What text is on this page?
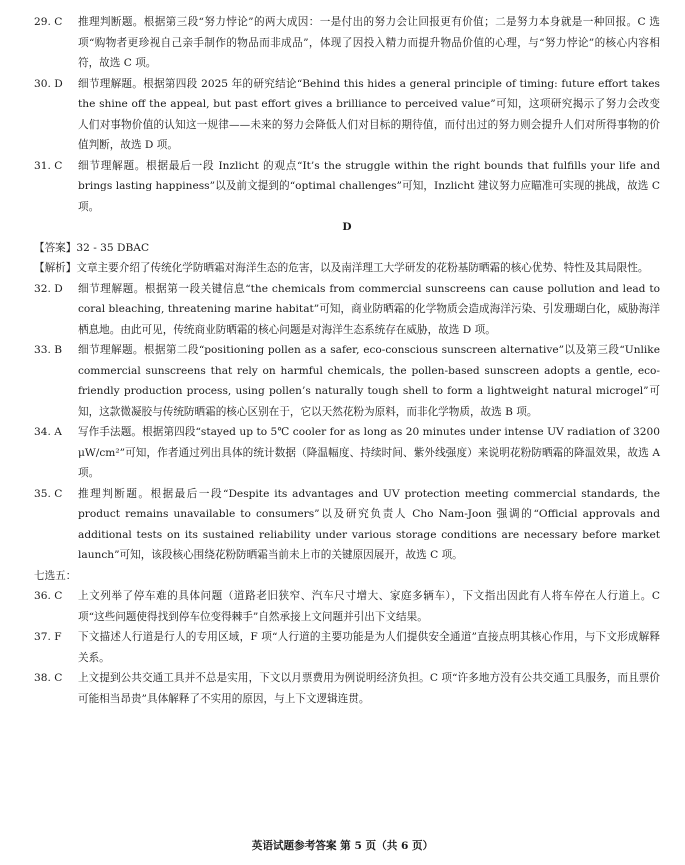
29. C	推理判断题。根据第三段“努力悖论”的两大成因：一是付出的努力会让回报更有价值；二是努力本身就是一种回报。C 选项“购物者更珍视自己亲手制作的物品而非成品”，体现了因投入精力而提升物品价值的心理，与“努力悖论”的核心内容相符，故选 C 项。
30. D	细节理解题。根据第四段 2025 年的研究结论“Behind this hides a general principle of timing: future effort takes the shine off the appeal, but past effort gives a brilliance to perceived value”可知，这项研究揭示了努力会改变人们对事物价值的认知这一规律——未来的努力会降低人们对目标的期待值，而付出过的努力则会提升人们对所得事物的价值判断，故选 D 项。
31. C	细节理解题。根据最后一段 Inzlicht 的观点“It’s the struggle within the right bounds that fulfills your life and brings lasting happiness”以及前文提到的“optimal challenges”可知，Inzlicht 建议努力应瞄准可实现的挑战，故选 C 项。

D

【答案】32 - 35 DBAC

【解析】文章主要介绍了传统化学防晒霜对海洋生态的危害，以及南洋理工大学研发的花粉基防晒霜的核心优势、特性及其局限性。

32. D	细节理解题。根据第一段关键信息“the chemicals from commercial sunscreens can cause pollution and lead to coral bleaching, threatening marine habitat”可知，商业防晒霜的化学物质会造成海洋污染、引发珊瑚白化，威胁海洋栖息地。由此可见，传统商业防晒霜的核心问题是对海洋生态系统存在威胁，故选 D 项。
33. B	细节理解题。根据第二段“positioning pollen as a safer, eco-conscious sunscreen alternative”以及第三段“Unlike commercial sunscreens that rely on harmful chemicals, the pollen-based sunscreen adopts a gentle, eco-friendly production process, using pollen’s naturally tough shell to form a lightweight natural microgel”可知，这款微凝胶与传统防晒霜的核心区别在于，它以天然花粉为原料，而非化学物质，故选 B 项。
34. A	写作手法题。根据第四段“stayed up to 5℃ cooler for as long as 20 minutes under intense UV radiation of 3200 μW/cm²”可知，作者通过列出具体的统计数据（降温幅度、持续时间、紫外线强度）来说明花粉防晒霜的降温效果，故选 A 项。
35. C	推理判断题。根据最后一段“Despite its advantages and UV protection meeting commercial standards, the product remains unavailable to consumers”以及研究负责人 Cho Nam-Joon 强调的“Official approvals and additional tests on its sustained reliability under various storage conditions are necessary before market launch”可知，该段核心围绕花粉防晒霜当前未上市的关键原因展开，故选 C 项。

七选五：

36. C	上文列举了停车难的具体问题（道路老旧狭窄、汽车尺寸增大、家庭多辆车），下文指出因此有人将车停在人行道上。C 项“这些问题使得找到停车位变得棘手”自然承接上文问题并引出下文结果。
37. F	下文描述人行道是行人的专用区域，F 项“人行道的主要功能是为人们提供安全通道”直接点明其核心作用，与下文形成解释关系。
38. C	上文提到公共交通工具并不总是实用，下文以月票费用为例说明经济负担。C 项“许多地方没有公共交通工具服务，而且票价可能相当昂贵”具体解释了不实用的原因，与上下文逻辑连贯。
英语试题参考答案 第 5 页（共 6 页）
